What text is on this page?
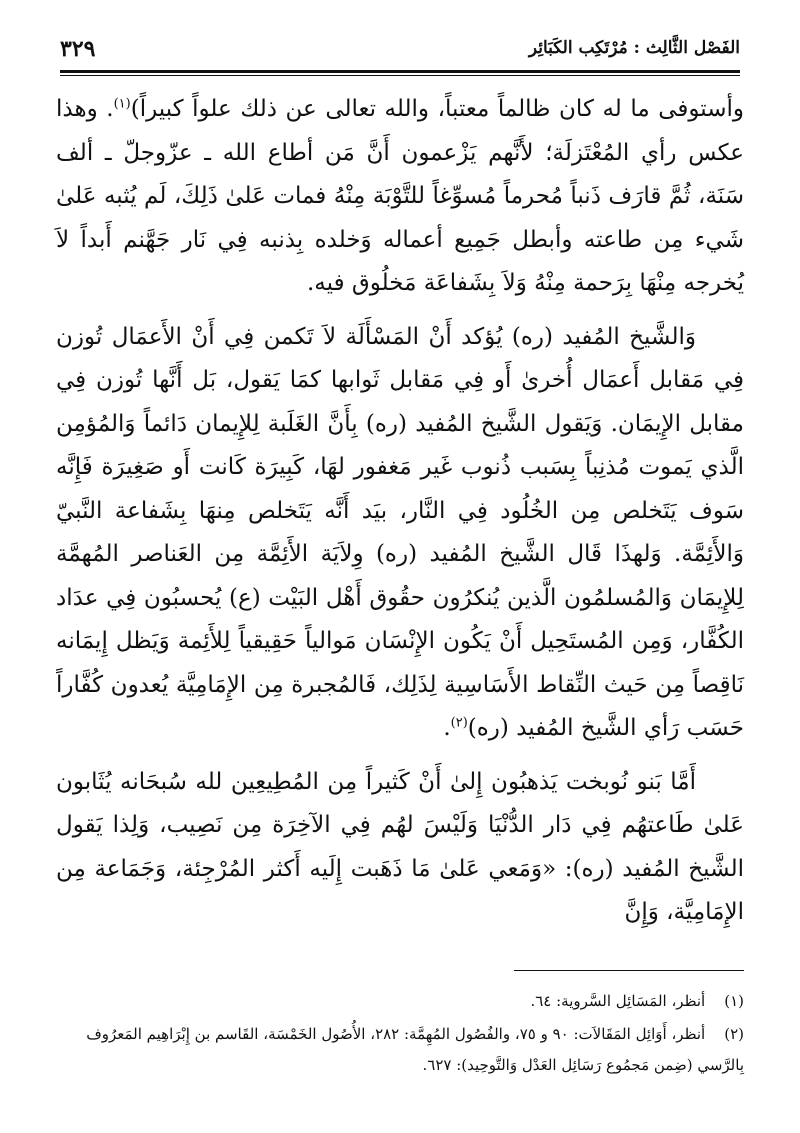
الفَصْل الثَّالِث : مُرْتَكِب الكَبَائِر
٣٢٩

وأستوفى ما له كان ظالماً معتباً، والله تعالى عن ذلك علواً كبيراً)$^{(١)}$. وهذا عكس رأي المُعْتَزلَة؛ لأَنَّهم يَزْعمون أَنَّ مَن أطاع الله ـ عزّوجلّ ـ ألف سَنَة، ثُمَّ قارَف ذَنباً مُحرماً مُسوِّغاً للتَّوْبَة مِنْهُ فمات عَلىٰ ذَلِكَ، لَم يُثبه عَلىٰ شَيء مِن طاعته وأبطل جَمِيع أعماله وَخلده بِذنبه فِي نَار جَهَّنم أَبداً لاَ يُخرجه مِنْهَا بِرَحمة مِنْهُ وَلاَ بِشَفاعَة مَخلُوق فيه.

وَالشَّيخ المُفيد (ره) يُؤكد أَنْ المَسْأَلَة لاَ تَكمن فِي أَنْ الأَعمَال تُوزن فِي مَقابل أَعمَال أُخرىٰ أَو فِي مَقابل ثَوابها كمَا يَقول، بَل أَنَّها تُوزن فِي مقابل الإِيمَان. وَيَقول الشَّيخ المُفيد (ره) بِأَنَّ الغَلَبة لِلإِيمان دَائماً وَالمُؤمِن الَّذي يَموت مُذنِباً بِسَبب ذُنوب غَير مَغفور لهَا، كَبِيرَة كَانت أَو صَغِيرَة فَإِنَّه سَوف يَتَخلص مِن الخُلُود فِي النَّار، بيَد أَنَّه يَتَخلص مِنهَا بِشَفاعة النَّبيّ وَالأَئِمَّة. وَلهذَا قَال الشَّيخ المُفيد (ره) وِلاَيَة الأَئِمَّة مِن العَناصر المُهمَّة لِلإِيمَان وَالمُسلمُون الَّذين يُنكرُون حقُوق أَهْل البَيْت (ع) يُحسبُون فِي عدَاد الكُفَّار، وَمِن المُستَحِيل أَنْ يَكُون الإِنْسَان مَوالياً حَقِيقياً لِلأَئِمة وَيَظل إِيمَانه نَاقِصاً مِن حَيث النِّقاط الأَسَاسِية لِذَلِك، فَالمُجبرة مِن الإِمَامِيَّة يُعدون كُفَّاراً حَسَب رَأي الشَّيخ المُفيد (ره)$^{(٢)}$.

أَمَّا بَنو نُوبخت يَذهبُون إِلىٰ أَنْ كَثيراً مِن المُطِيعِين لله سُبحَانه يُثَابون عَلىٰ طَاعتهُم فِي دَار الدُّنْيَا وَلَيْسَ لهُم فِي الآخِرَة مِن نَصِيب، وَلِذا يَقول الشَّيخ المُفيد (ره): «وَمَعي عَلىٰ مَا ذَهَبت إِلَيه أَكثر المُرْجِئة، وَجَمَاعة مِن الإِمَامِيَّة، وَإِنَّ

(١) أنظر، المَسَائِل السَّروية: ٦٤.

(٢) أنظر، أَوَائِل المَقَالاَت: ٩٠ و ٧٥، والفُصُول المُهِمَّة: ٢٨٢، الأُصُول الخَمْسَة، القَاسم بن إِبْرَاهِيم المَعرُوف بِالرَّسي (ضِمن مَجمُوع رَسَائِل العَدْل وَالتَّوحِيد): ٦٢٧.
